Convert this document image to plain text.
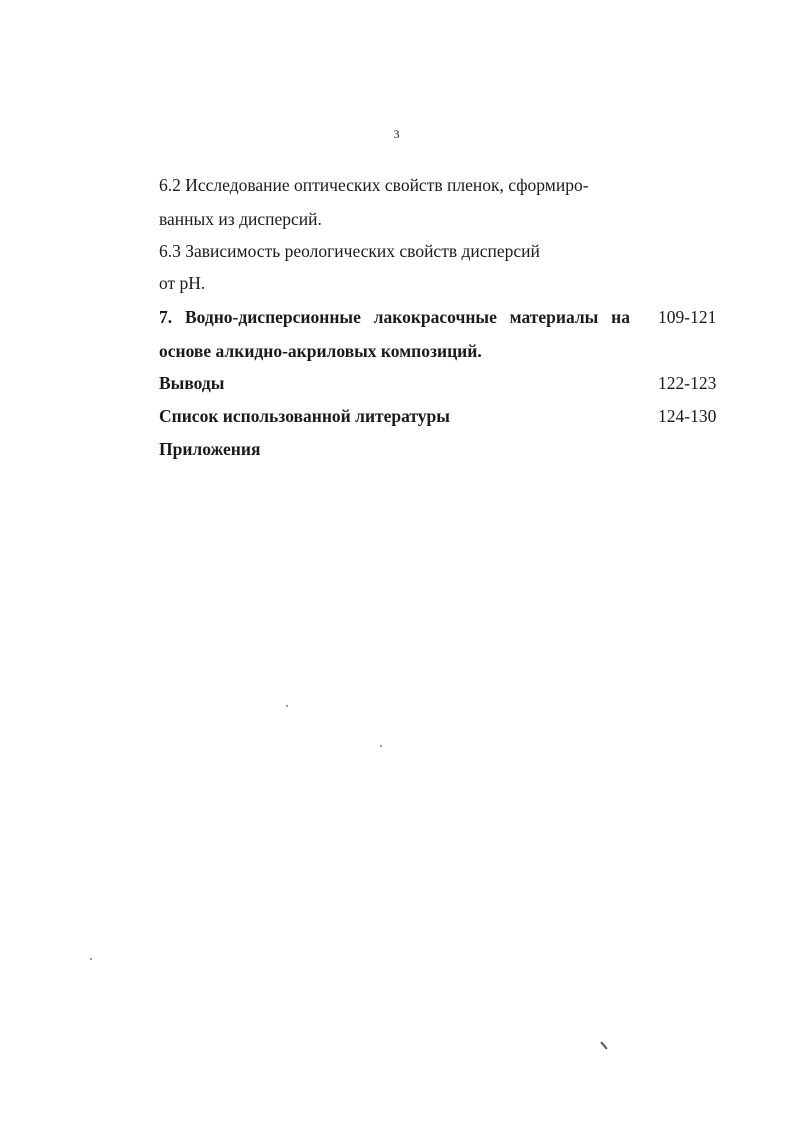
3
6.2 Исследование оптических свойств пленок, сформиро-
ванных из дисперсий.
6.3 Зависимость реологических свойств дисперсий
от рН.
7. Водно-дисперсионные лакокрасочные материалы на 109-121
основе алкидно-акриловых композиций.
Выводы	122-123
Список использованной литературы	124-130
Приложения
